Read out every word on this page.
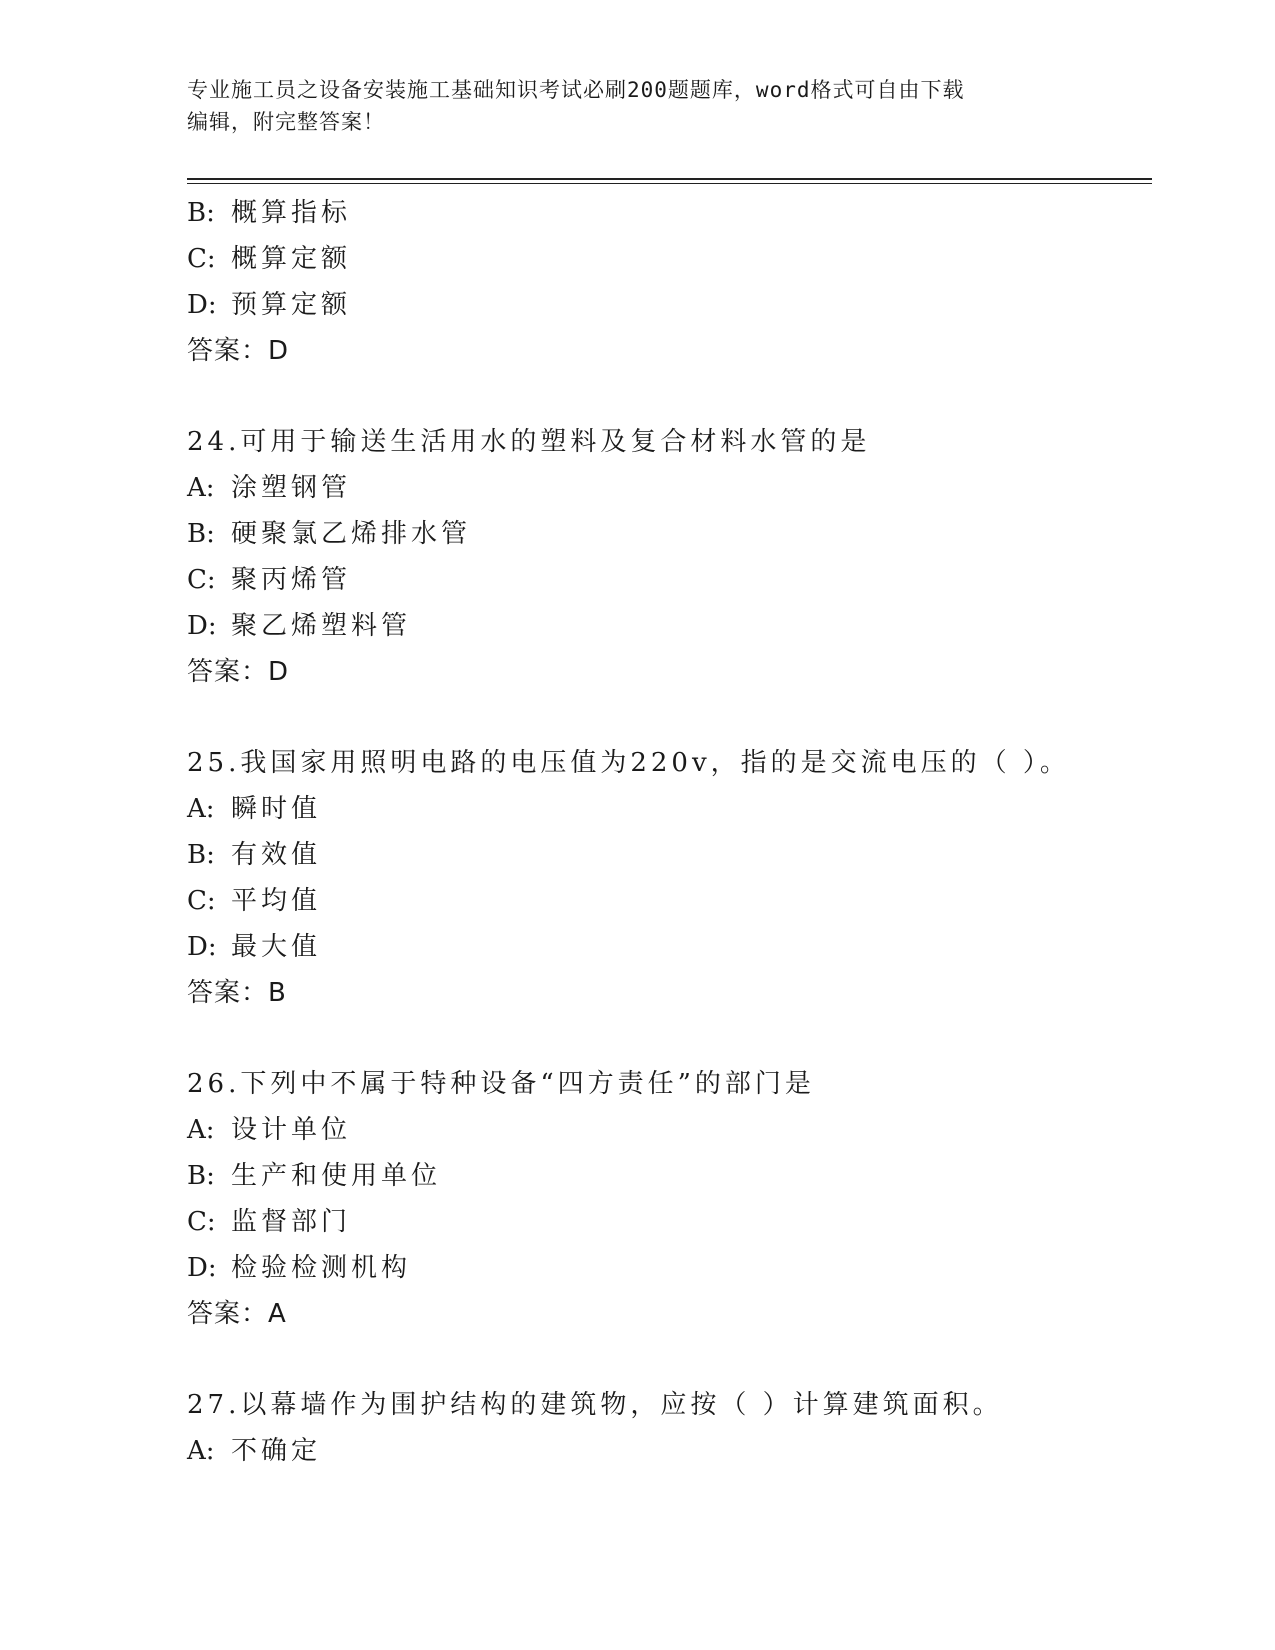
专业施工员之设备安装施工基础知识考试必刷200题题库，word格式可自由下载
编辑，附完整答案！
B: 概算指标
C: 概算定额
D: 预算定额
答案：D
24.可用于输送生活用水的塑料及复合材料水管的是
A: 涂塑钢管
B: 硬聚氯乙烯排水管
C: 聚丙烯管
D: 聚乙烯塑料管
答案：D
25.我国家用照明电路的电压值为220v，指的是交流电压的（ ）。
A: 瞬时值
B: 有效值
C: 平均值
D: 最大值
答案：B
26.下列中不属于特种设备“四方责任”的部门是
A: 设计单位
B: 生产和使用单位
C: 监督部门
D: 检验检测机构
答案：A
27.以幕墙作为围护结构的建筑物，应按（ ）计算建筑面积。
A: 不确定
